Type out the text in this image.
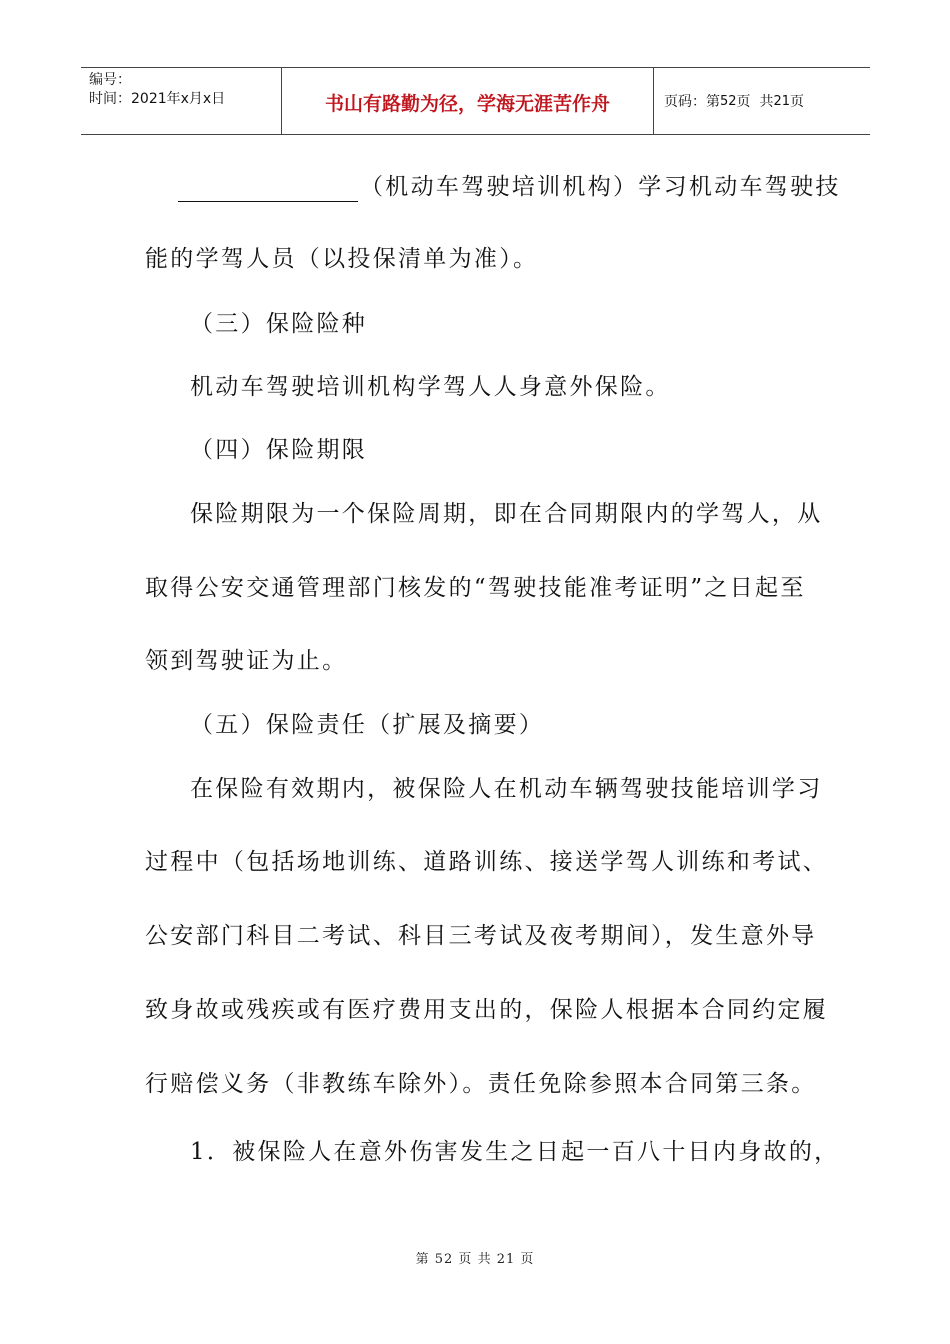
编号：
时间：2021年x月x日	书山有路勤为径，学海无涯苦作舟	页码：第 52 页  共 21 页
（机动车驾驶培训机构）学习机动车驾驶技
能的学驾人员（以投保清单为准）。
（三）保险险种
机动车驾驶培训机构学驾人人身意外保险。
（四）保险期限
保险期限为一个保险周期，即在合同期限内的学驾人，从
取得公安交通管理部门核发的“驾驶技能准考证明”之日起至
领到驾驶证为止。
（五）保险责任（扩展及摘要）
在保险有效期内，被保险人在机动车辆驾驶技能培训学习
过程中（包括场地训练、道路训练、接送学驾人训练和考试、
公安部门科目二考试、科目三考试及夜考期间），发生意外导
致身故或残疾或有医疗费用支出的，保险人根据本合同约定履
行赔偿义务（非教练车除外）。责任免除参照本合同第三条。
1．被保险人在意外伤害发生之日起一百八十日内身故的，
第 52 页 共 21 页
